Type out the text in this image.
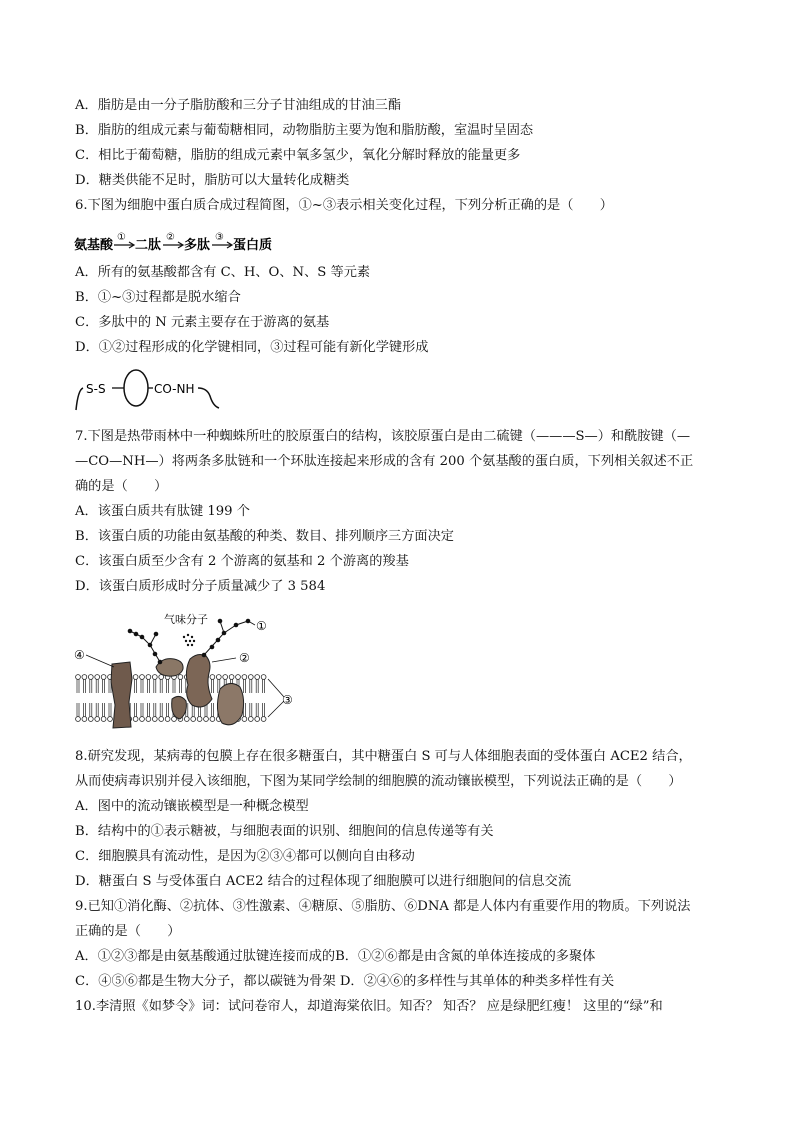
A．脂肪是由一分子脂肪酸和三分子甘油组成的甘油三酯
B．脂肪的组成元素与葡萄糖相同，动物脂肪主要为饱和脂肪酸，室温时呈固态
C．相比于葡萄糖，脂肪的组成元素中氧多氢少，氧化分解时释放的能量更多
D．糖类供能不足时，脂肪可以大量转化成糖类
6.下图为细胞中蛋白质合成过程简图，①~③表示相关变化过程，下列分析正确的是（　　）
氨基酸
①
二肽
②
多肽
③
蛋白质
A．所有的氨基酸都含有 C、H、O、N、S 等元素
B．①~③过程都是脱水缩合
C．多肽中的 N 元素主要存在于游离的氨基
D．①②过程形成的化学键相同，③过程可能有新化学键形成
S-S	CO-NH
7.下图是热带雨林中一种蜘蛛所吐的胶原蛋白的结构，该胶原蛋白是由二硫键（———S—）和酰胺键（—
—CO—NH—）将两条多肽链和一个环肽连接起来形成的含有 200 个氨基酸的蛋白质，下列相关叙述不正
确的是（　　）
A．该蛋白质共有肽键 199 个
B．该蛋白质的功能由氨基酸的种类、数目、排列顺序三方面决定
C．该蛋白质至少含有 2 个游离的氨基和 2 个游离的羧基
D．该蛋白质形成时分子质量减少了 3 584
气味分子	①
②
④
③
8.研究发现，某病毒的包膜上存在很多糖蛋白，其中糖蛋白 S 可与人体细胞表面的受体蛋白 ACE2 结合，
从而使病毒识别并侵入该细胞，下图为某同学绘制的细胞膜的流动镶嵌模型，下列说法正确的是（　　）
A．图中的流动镶嵌模型是一种概念模型
B．结构中的①表示糖被，与细胞表面的识别、细胞间的信息传递等有关
C．细胞膜具有流动性，是因为②③④都可以侧向自由移动
D．糖蛋白 S 与受体蛋白 ACE2 结合的过程体现了细胞膜可以进行细胞间的信息交流
9.已知①消化酶、②抗体、③性激素、④糖原、⑤脂肪、⑥DNA 都是人体内有重要作用的物质。下列说法
正确的是（　　）
A．①②③都是由氨基酸通过肽键连接而成的B．①②⑥都是由含氮的单体连接成的多聚体
C．④⑤⑥都是生物大分子，都以碳链为骨架 D．②④⑥的多样性与其单体的种类多样性有关
10.李清照《如梦令》词：试问卷帘人，却道海棠依旧。知否？ 知否？ 应是绿肥红瘦！ 这里的“绿”和
